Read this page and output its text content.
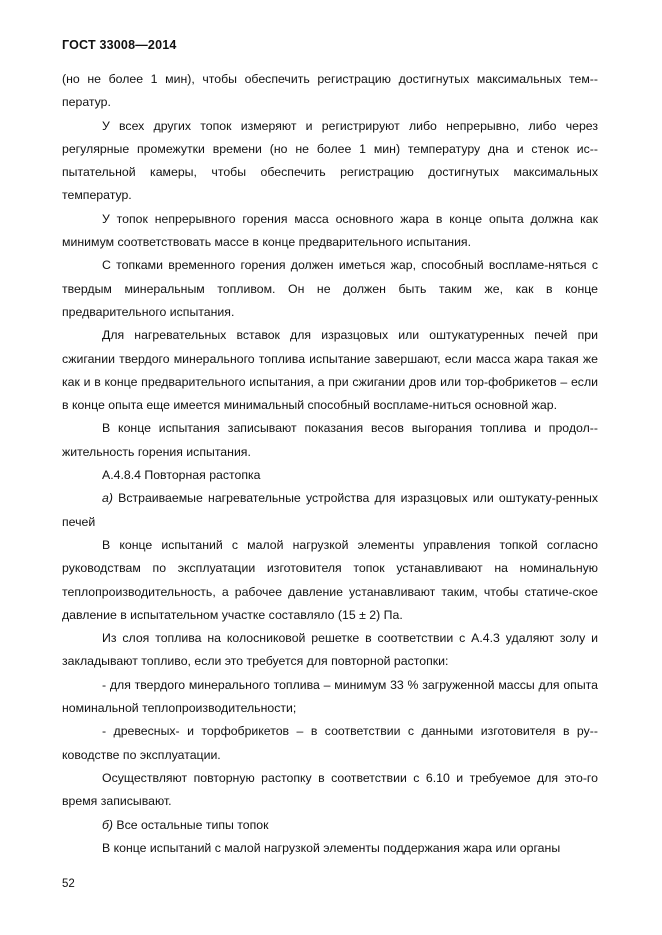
ГОСТ 33008—2014

(но не более 1 мин), чтобы обеспечить регистрацию достигнутых максимальных тем-ператур.

У всех других топок измеряют и регистрируют либо непрерывно, либо через регулярные промежутки времени (но не более 1 мин) температуру дна и стенок ис-пытательной камеры, чтобы обеспечить регистрацию достигнутых максимальных температур.

У топок непрерывного горения масса основного жара в конце опыта должна как минимум соответствовать массе в конце предварительного испытания.

С топками временного горения должен иметься жар, способный воспламе-няться с твердым минеральным топливом. Он не должен быть таким же, как в конце предварительного испытания.

Для нагревательных вставок для изразцовых или оштукатуренных печей при сжигании твердого минерального топлива испытание завершают, если масса жара такая же как и в конце предварительного испытания, а при сжигании дров или тор-фобрикетов – если в конце опыта еще имеется минимальный способный воспламе-ниться основной жар.

В конце испытания записывают показания весов выгорания топлива и продол-жительность горения испытания.

А.4.8.4 Повторная растопка

а) Встраиваемые нагревательные устройства для изразцовых или оштукату-ренных печей

В конце испытаний с малой нагрузкой элементы управления топкой согласно руководствам по эксплуатации изготовителя топок устанавливают на номинальную теплопроизводительность, а рабочее давление устанавливают таким, чтобы статиче-ское давление в испытательном участке составляло (15 ± 2) Па.

Из слоя топлива на колосниковой решетке в соответствии с А.4.3 удаляют золу и закладывают топливо, если это требуется для повторной растопки:

- для твердого минерального топлива – минимум 33 % загруженной массы для опыта номинальной теплопроизводительности;

- древесных- и торфобрикетов – в соответствии с данными изготовителя в ру-ководстве по эксплуатации.

Осуществляют повторную растопку в соответствии с 6.10 и требуемое для это-го время записывают.

б) Все остальные типы топок

В конце испытаний с малой нагрузкой элементы поддержания жара или органы

52
